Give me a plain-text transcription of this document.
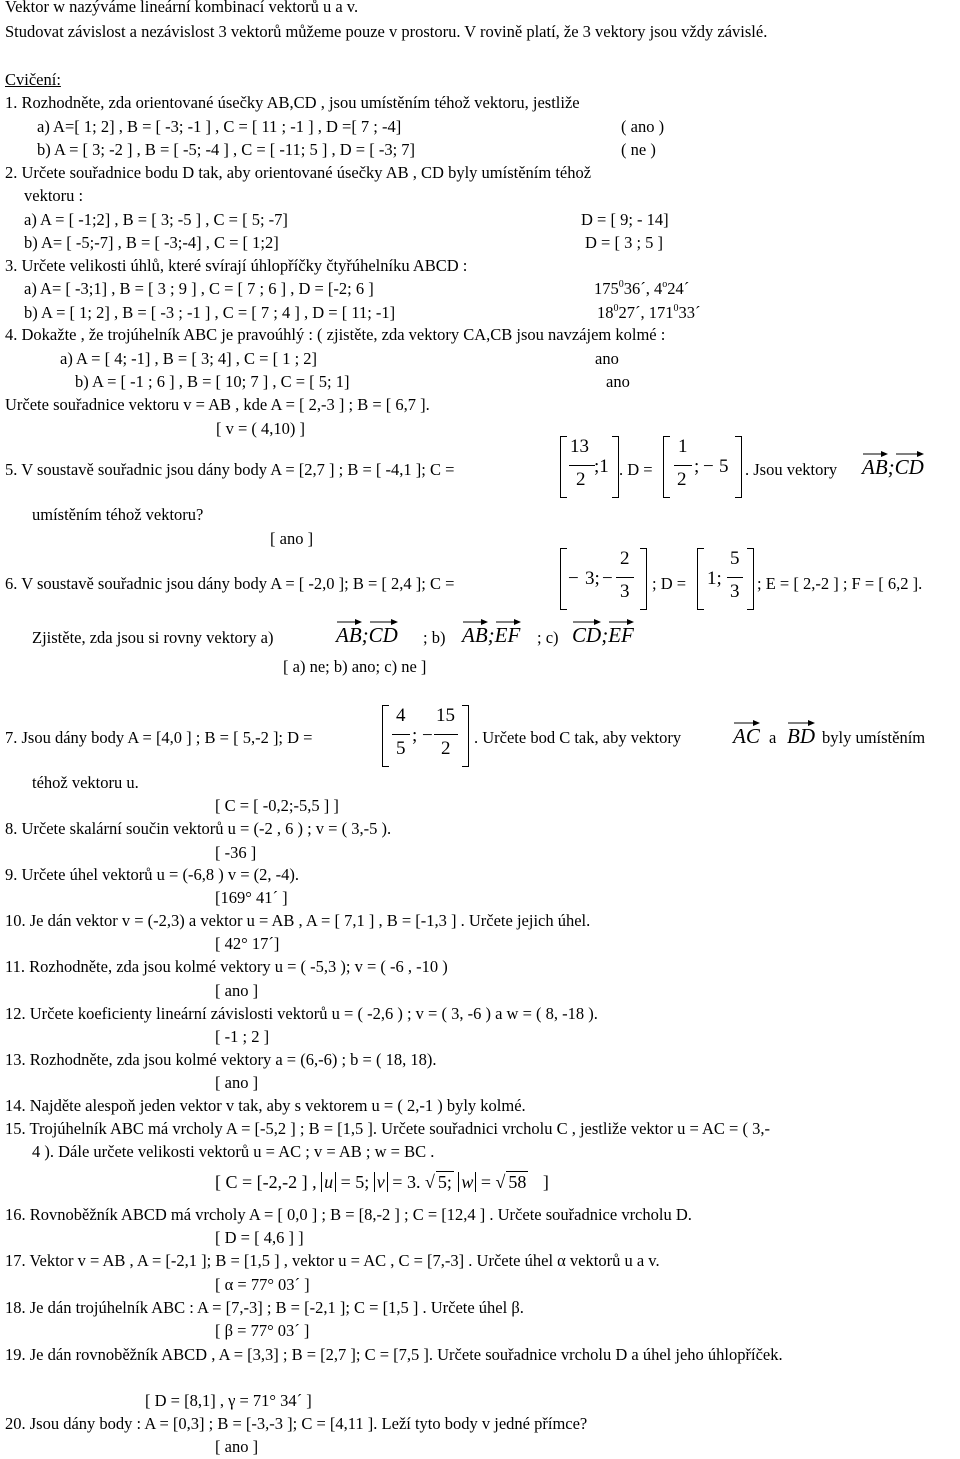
Vektor w nazýváme lineární kombinací vektorů u a v.
Studovat závislost a nezávislost 3 vektorů můžeme pouze v prostoru. V rovině platí, že 3 vektory jsou vždy závislé.
Cvičení:
1. Rozhodněte, zda orientované úsečky AB,CD , jsou umístěním téhož vektoru, jestliže
a) A=[ 1; 2] , B = [ -3; -1 ] , C = [ 11 ; -1 ] , D =[ 7 ; -4]	( ano )
b) A = [ 3; -2 ] , B = [ -5; -4 ] , C = [ -11; 5 ] , D = [ -3; 7]	( ne )
2. Určete souřadnice bodu D tak, aby orientované úsečky AB , CD byly umístěním téhož
vektoru :
a) A = [ -1;2] , B = [ 3; -5 ] , C = [ 5; -7]	D = [ 9; - 14]
b) A= [ -5;-7] , B = [ -3;-4] , C = [ 1;2]	D = [ 3 ; 5 ]
3. Určete velikosti úhlů, které svírají úhlopříčky čtyřúhelníku ABCD :
a) A= [ -3;1] , B = [ 3 ; 9 ] , C = [ 7 ; 6 ] , D = [-2; 6 ]	$175^036´$, 4$^o$24´
b) A = [ 1; 2] , B = [ -3 ; -1 ] , C = [ 7 ; 4 ] , D = [ 11; -1]	$18^027´$, $171^033´$
4. Dokažte , že trojúhelník ABC je pravoúhlý : ( zjistěte, zda vektory CA,CB jsou navzájem kolmé :
a) A = [ 4; -1] , B = [ 3; 4] , C = [ 1 ; 2]	ano
b) A = [ -1 ; 6 ] , B = [ 10; 7 ] , C = [ 5; 1]	ano
Určete souřadnice vektoru v = AB , kde A = [ 2,-3 ] ; B = [ 6,7 ].
[ v = ( 4,10) ]
5. V soustavě souřadnic jsou dány body A = [2,7 ] ; B = [ -4,1 ]; C =
13
2
;1 . D =
1
2
; − 5 . Jsou vektory AB
;CD
umístěním téhož vektoru?
[ ano ]
6. V soustavě souřadnic jsou dány body A = [ -2,0 ]; B = [ 2,4 ]; C =	− 3; −
2
3 ; D = 1;
5
3 ; E = [ 2,-2 ] ; F = [ 6,2 ].
Zjistěte, zda jsou si rovny vektory a)	AB
;CD ; b) AB
;EF ; c) CD
;EF
[ a) ne; b) ano; c) ne ]
7. Jsou dány body A = [4,0 ] ; B = [ 5,-2 ]; D =
4
5
; −
15
2
. Určete bod C tak, aby vektory AC a BD byly umístěním
téhož vektoru u.
[ C = [ -0,2;-5,5 ] ]
8. Určete skalární součin vektorů u = (-2 , 6 ) ; v = ( 3,-5 ).
[ -36 ]
9. Určete úhel vektorů u = (-6,8 ) v = (2, -4).
[169° 41´ ]
10. Je dán vektor v = (-2,3) a vektor u = AB , A = [ 7,1 ] , B = [-1,3 ] . Určete jejich úhel.
[ 42° 17´]
11. Rozhodněte, zda jsou kolmé vektory u = ( -5,3 ); v = ( -6 , -10 )
[ ano ]
12. Určete koeficienty lineární závislosti vektorů u = ( -2,6 ) ; v = ( 3, -6 ) a w = ( 8, -18 ).
[ -1 ; 2 ]
13. Rozhodněte, zda jsou kolmé vektory a = (6,-6) ; b = ( 18, 18).
[ ano ]
14. Najděte alespoň jeden vektor v tak, aby s vektorem u = ( 2,-1 ) byly kolmé.
15. Trojúhelník ABC má vrcholy A = [-5,2 ] ; B = [1,5 ]. Určete souřadnici vrcholu C , jestliže vektor u = AC = ( 3,-
4 ). Dále určete velikosti vektorů u = AC ; v = AB ; w = BC .
[ C = [-2,-2 ] , u = 5; v = 3. √ 5; w = √ 58 ]
16. Rovnoběžník ABCD má vrcholy A = [ 0,0 ] ; B = [8,-2 ] ; C = [12,4 ] . Určete souřadnice vrcholu D.
[ D = [ 4,6 ] ]
17. Vektor v = AB , A = [-2,1 ]; B = [1,5 ] , vektor u = AC , C = [7,-3] . Určete úhel α vektorů u a v.
[ α = 77° 03´ ]
18. Je dán trojúhelník ABC : A = [7,-3] ; B = [-2,1 ]; C = [1,5 ] . Určete úhel β.
[ β = 77° 03´ ]
19. Je dán rovnoběžník ABCD , A = [3,3] ; B = [2,7 ]; C = [7,5 ]. Určete souřadnice vrcholu D a úhel jeho úhlopříček.
[ D = [8,1] , γ = 71° 34´ ]
20. Jsou dány body : A = [0,3] ; B = [-3,-3 ]; C = [4,11 ]. Leží tyto body v jedné přímce?
[ ano ]
